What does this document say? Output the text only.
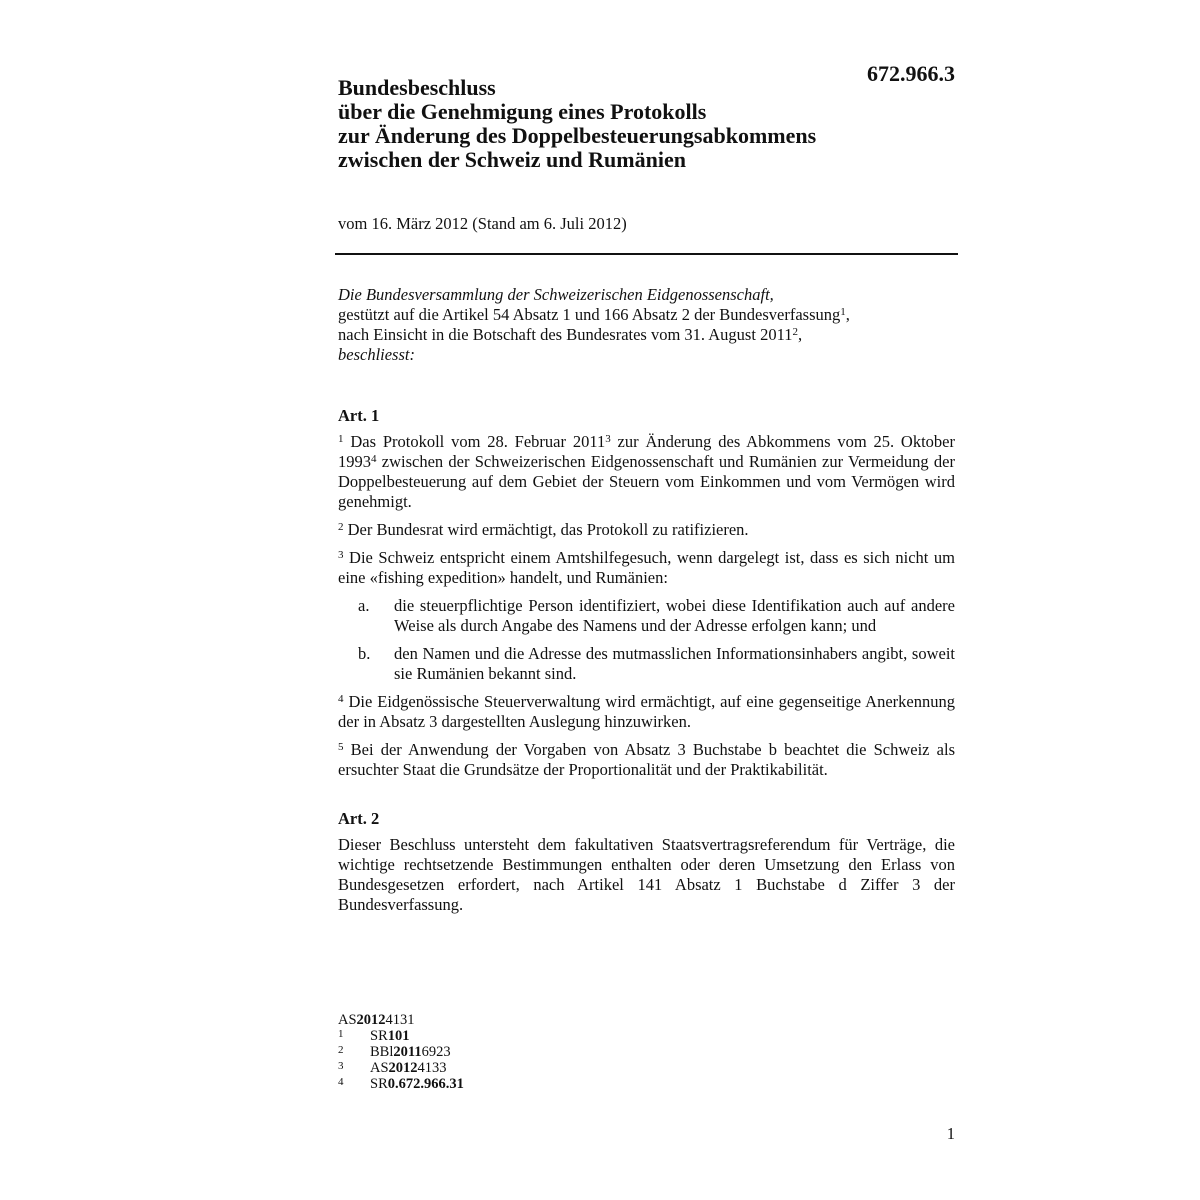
672.966.3
Bundesbeschluss
über die Genehmigung eines Protokolls
zur Änderung des Doppelbesteuerungsabkommens
zwischen der Schweiz und Rumänien
vom 16. März 2012 (Stand am 6. Juli 2012)
Die Bundesversammlung der Schweizerischen Eidgenossenschaft,
gestützt auf die Artikel 54 Absatz 1 und 166 Absatz 2 der Bundesverfassung$^1$,
nach Einsicht in die Botschaft des Bundesrates vom 31. August 2011$^2$,
beschliesst:
Art. 1

$^1$ Das Protokoll vom 28. Februar 2011$^3$ zur Änderung des Abkommens vom 25. Oktober 1993$^4$ zwischen der Schweizerischen Eidgenossenschaft und Rumänien zur Vermeidung der Doppelbesteuerung auf dem Gebiet der Steuern vom Einkommen und vom Vermögen wird genehmigt.

$^2$ Der Bundesrat wird ermächtigt, das Protokoll zu ratifizieren.

$^3$ Die Schweiz entspricht einem Amtshilfegesuch, wenn dargelegt ist, dass es sich nicht um eine «fishing expedition» handelt, und Rumänien:

a.	die steuerpflichtige Person identifiziert, wobei diese Identifikation auch auf andere Weise als durch Angabe des Namens und der Adresse erfolgen kann; und
b.	den Namen und die Adresse des mutmasslichen Informationsinhabers angibt, soweit sie Rumänien bekannt sind.

$^4$ Die Eidgenössische Steuerverwaltung wird ermächtigt, auf eine gegenseitige Anerkennung der in Absatz 3 dargestellten Auslegung hinzuwirken.

$^5$ Bei der Anwendung der Vorgaben von Absatz 3 Buchstabe b beachtet die Schweiz als ersuchter Staat die Grundsätze der Proportionalität und der Praktikabilität.

Art. 2

Dieser Beschluss untersteht dem fakultativen Staatsvertragsreferendum für Verträge, die wichtige rechtsetzende Bestimmungen enthalten oder deren Umsetzung den Erlass von Bundesgesetzen erfordert, nach Artikel 141 Absatz 1 Buchstabe d Ziffer 3 der Bundesverfassung.

AS 2012 4131
1	SR 101
2	BBl 2011 6923
3	AS 2012 4133
4	SR 0.672.966.31
1
